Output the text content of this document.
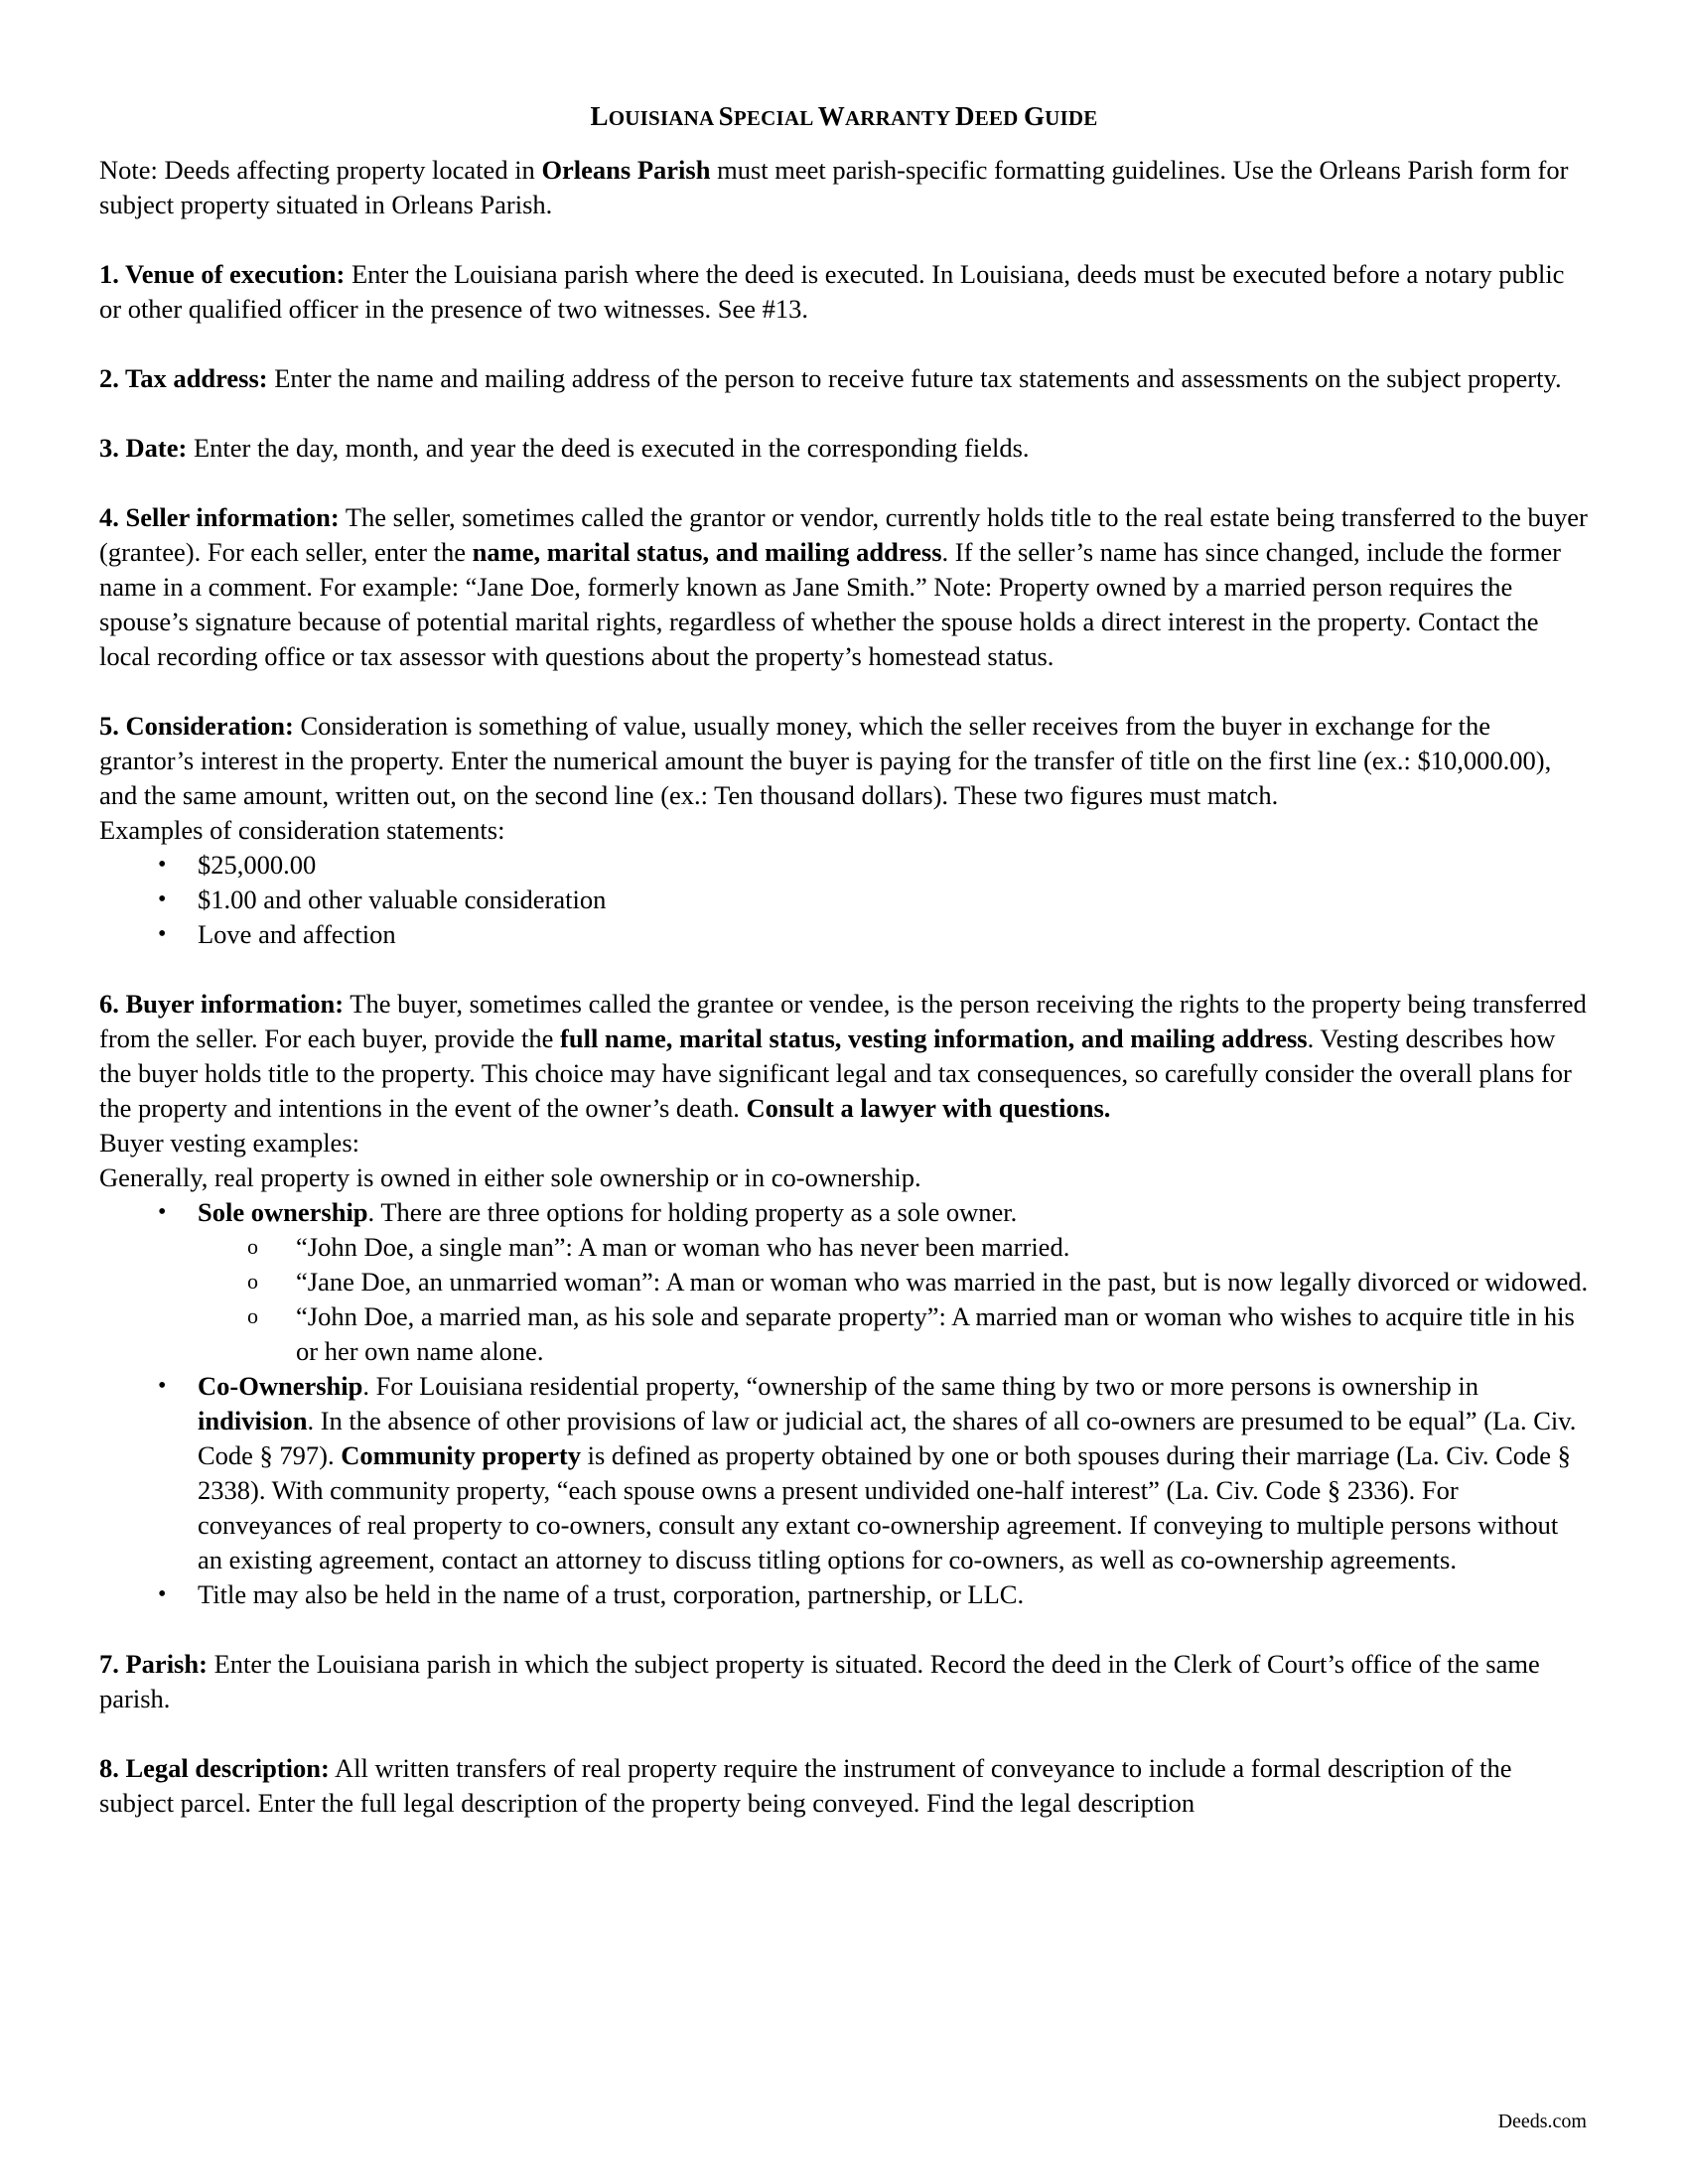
LOUISIANA SPECIAL WARRANTY DEED GUIDE

Note: Deeds affecting property located in Orleans Parish must meet parish-specific formatting guidelines. Use the Orleans Parish form for subject property situated in Orleans Parish.

1. Venue of execution: Enter the Louisiana parish where the deed is executed. In Louisiana, deeds must be executed before a notary public or other qualified officer in the presence of two witnesses. See #13.

2. Tax address: Enter the name and mailing address of the person to receive future tax statements and assessments on the subject property.

3. Date: Enter the day, month, and year the deed is executed in the corresponding fields.

4. Seller information: The seller, sometimes called the grantor or vendor, currently holds title to the real estate being transferred to the buyer (grantee). For each seller, enter the name, marital status, and mailing address. If the seller’s name has since changed, include the former name in a comment. For example: “Jane Doe, formerly known as Jane Smith.” Note: Property owned by a married person requires the spouse’s signature because of potential marital rights, regardless of whether the spouse holds a direct interest in the property. Contact the local recording office or tax assessor with questions about the property’s homestead status.

5. Consideration: Consideration is something of value, usually money, which the seller receives from the buyer in exchange for the grantor’s interest in the property. Enter the numerical amount the buyer is paying for the transfer of title on the first line (ex.: $10,000.00), and the same amount, written out, on the second line (ex.: Ten thousand dollars). These two figures must match.

Examples of consideration statements:

• $25,000.00
• $1.00 and other valuable consideration
• Love and affection

6. Buyer information: The buyer, sometimes called the grantee or vendee, is the person receiving the rights to the property being transferred from the seller. For each buyer, provide the full name, marital status, vesting information, and mailing address. Vesting describes how the buyer holds title to the property. This choice may have significant legal and tax consequences, so carefully consider the overall plans for the property and intentions in the event of the owner’s death. Consult a lawyer with questions.

Buyer vesting examples:

Generally, real property is owned in either sole ownership or in co-ownership.

• Sole ownership. There are three options for holding property as a sole owner.
o “John Doe, a single man”: A man or woman who has never been married.
o “Jane Doe, an unmarried woman”: A man or woman who was married in the past, but is now legally divorced or widowed.
o “John Doe, a married man, as his sole and separate property”: A married man or woman who wishes to acquire title in his or her own name alone.
• Co-Ownership. For Louisiana residential property, “ownership of the same thing by two or more persons is ownership in indivision. In the absence of other provisions of law or judicial act, the shares of all co-owners are presumed to be equal” (La. Civ. Code § 797). Community property is defined as property obtained by one or both spouses during their marriage (La. Civ. Code § 2338). With community property, “each spouse owns a present undivided one-half interest” (La. Civ. Code § 2336). For conveyances of real property to co-owners, consult any extant co-ownership agreement. If conveying to multiple persons without an existing agreement, contact an attorney to discuss titling options for co-owners, as well as co-ownership agreements.
• Title may also be held in the name of a trust, corporation, partnership, or LLC.

7. Parish: Enter the Louisiana parish in which the subject property is situated. Record the deed in the Clerk of Court’s office of the same parish.

8. Legal description: All written transfers of real property require the instrument of conveyance to include a formal description of the subject parcel. Enter the full legal description of the property being conveyed. Find the legal description

Deeds.com
